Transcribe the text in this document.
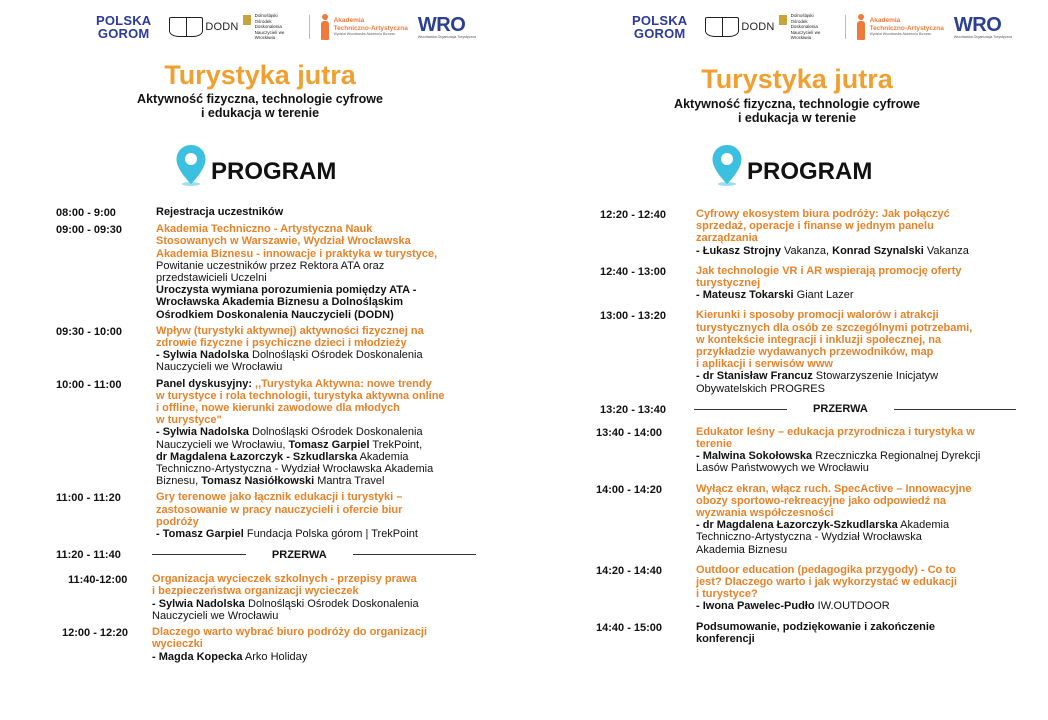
POLSKA
GOROM	DODN
Dolnośląski Ośrodek Doskonalenia Nauczycieli we Wrocławiu
Akademia
Techniczno-Artystyczna
Wydział Wrocławska Akademia Biznesu	WRO
Wrocławska Organizacja Turystyczna
Turystyka jutra
Aktywność fizyczna, technologie cyfrowe
i edukacja w terenie
PROGRAM
08:00 - 9:00	Rejestracja uczestników
09:00 - 09:30	Akademia Techniczno - Artystyczna Nauk
Stosowanych w Warszawie, Wydział Wrocławska
Akademia Biznesu - innowacje i praktyka w turystyce,
Powitanie uczestników przez Rektora ATA oraz
przedstawicieli Uczelni
Uroczysta wymiana porozumienia pomiędzy ATA -
Wrocławska Akademia Biznesu a Dolnośląskim
Ośrodkiem Doskonalenia Nauczycieli (DODN)
09:30 - 10:00	Wpływ (turystyki aktywnej) aktywności fizycznej na
zdrowie fizyczne i psychiczne dzieci i młodzieży
- Sylwia Nadolska Dolnośląski Ośrodek Doskonalenia
Nauczycieli we Wrocławiu
10:00 - 11:00	Panel dyskusyjny: ,,Turystyka Aktywna: nowe trendy
w turystyce i rola technologii, turystyka aktywna online
i offline, nowe kierunki zawodowe dla młodych
w turystyce"
- Sylwia Nadolska Dolnośląski Ośrodek Doskonalenia
Nauczycieli we Wrocławiu, Tomasz Garpiel TrekPoint,
dr Magdalena Łazorczyk - Szkudlarska Akademia
Techniczno-Artystyczna - Wydział Wrocławska Akademia
Biznesu, Tomasz Nasiółkowski Mantra Travel
11:00 - 11:20	Gry terenowe jako łącznik edukacji i turystyki –
zastosowanie w pracy nauczycieli i ofercie biur
podróży
- Tomasz Garpiel Fundacja Polska górom | TrekPoint
11:20 - 11:40	PRZERWA
11:40-12:00	Organizacja wycieczek szkolnych - przepisy prawa
i bezpieczeństwa organizacji wycieczek
- Sylwia Nadolska Dolnośląski Ośrodek Doskonalenia
Nauczycieli we Wrocławiu
12:00 - 12:20	Dlaczego warto wybrać biuro podróży do organizacji
wycieczki
- Magda Kopecka Arko Holiday
POLSKA
GOROM	DODN
Dolnośląski Ośrodek Doskonalenia Nauczycieli we Wrocławiu
Akademia
Techniczno-Artystyczna
Wydział Wrocławska Akademia Biznesu	WRO
Wrocławska Organizacja Turystyczna
Turystyka jutra
Aktywność fizyczna, technologie cyfrowe
i edukacja w terenie
PROGRAM
12:20 - 12:40	Cyfrowy ekosystem biura podróży: Jak połączyć
sprzedaż, operacje i finanse w jednym panelu
zarządzania
- Łukasz Strojny Vakanza, Konrad Szynalski Vakanza
12:40 - 13:00	Jak technologie VR i AR wspierają promocję oferty
turystycznej
- Mateusz Tokarski Giant Lazer
13:00 - 13:20	Kierunki i sposoby promocji walorów i atrakcji
turystycznych dla osób ze szczególnymi potrzebami,
w kontekście integracji i inkluzji społecznej, na
przykładzie wydawanych przewodników, map
i aplikacji i serwisów www
- dr Stanisław Francuz Stowarzyszenie Inicjatyw
Obywatelskich PROGRES
13:20 - 13:40	PRZERWA
13:40 - 14:00	Edukator leśny – edukacja przyrodnicza i turystyka w
terenie
- Malwina Sokołowska Rzeczniczka Regionalnej Dyrekcji
Lasów Państwowych we Wrocławiu
14:00 - 14:20	Wyłącz ekran, włącz ruch. SpecActive – Innowacyjne
obozy sportowo-rekreacyjne jako odpowiedź na
wyzwania współczesności
- dr Magdalena Łazorczyk-Szkudlarska Akademia
Techniczno-Artystyczna - Wydział Wrocławska
Akademia Biznesu
14:20 - 14:40	Outdoor education (pedagogika przygody) - Co to
jest? Dlaczego warto i jak wykorzystać w edukacji
i turystyce?
- Iwona Pawelec-Pudło IW.OUTDOOR
14:40 - 15:00	Podsumowanie, podziękowanie i zakończenie
konferencji
